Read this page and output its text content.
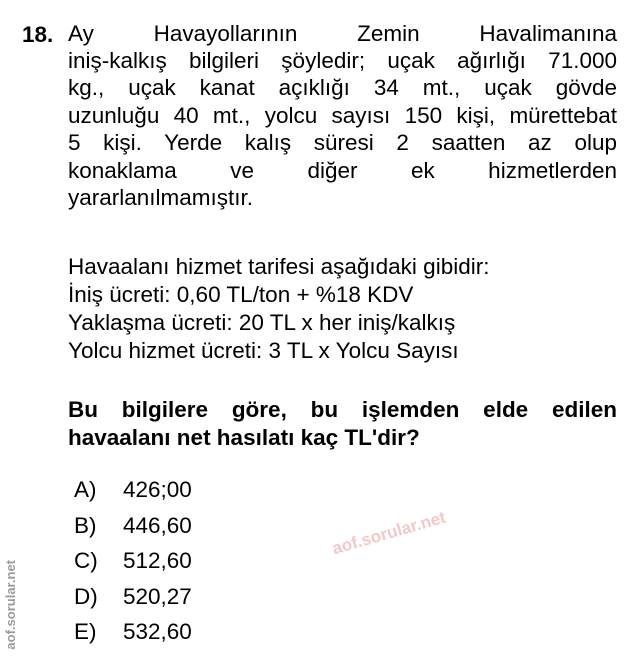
aof.sorular.net
aof.sorular.net
18. Ay Havayollarının Zemin Havalimanına
iniş-kalkış bilgileri şöyledir; uçak ağırlığı 71.000
kg., uçak kanat açıklığı 34 mt., uçak gövde
uzunluğu 40 mt., yolcu sayısı 150 kişi, mürettebat
5 kişi. Yerde kalış süresi 2 saatten az olup
konaklama ve diğer ek hizmetlerden
yararlanılmamıştır.
Havaalanı hizmet tarifesi aşağıdaki gibidir:
İniş ücreti: 0,60 TL/ton + %18 KDV
Yaklaşma ücreti: 20 TL x her iniş/kalkış
Yolcu hizmet ücreti: 3 TL x Yolcu Sayısı
Bu bilgilere göre, bu işlemden elde edilen
havaalanı net hasılatı kaç TL'dir?
A) 426;00
B) 446,60
C) 512,60
D) 520,27
E) 532,60
